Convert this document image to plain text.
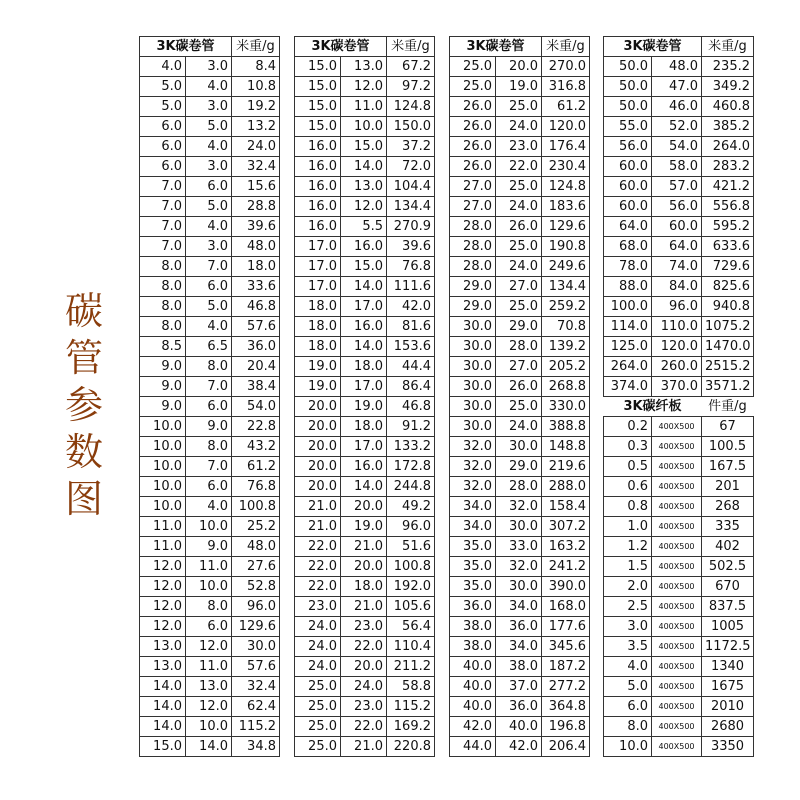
碳
管
参
数
图
3K碳卷管		米重/g
4.0	3.0	8.4
5.0	4.0	10.8
5.0	3.0	19.2
6.0	5.0	13.2
6.0	4.0	24.0
6.0	3.0	32.4
7.0	6.0	15.6
7.0	5.0	28.8
7.0	4.0	39.6
7.0	3.0	48.0
8.0	7.0	18.0
8.0	6.0	33.6
8.0	5.0	46.8
8.0	4.0	57.6
8.5	6.5	36.0
9.0	8.0	20.4
9.0	7.0	38.4
9.0	6.0	54.0
10.0	9.0	22.8
10.0	8.0	43.2
10.0	7.0	61.2
10.0	6.0	76.8
10.0	4.0	100.8
11.0	10.0	25.2
11.0	9.0	48.0
12.0	11.0	27.6
12.0	10.0	52.8
12.0	8.0	96.0
12.0	6.0	129.6
13.0	12.0	30.0
13.0	11.0	57.6
14.0	13.0	32.4
14.0	12.0	62.4
14.0	10.0	115.2
15.0	14.0	34.8
3K碳卷管		米重/g
15.0	13.0	67.2
15.0	12.0	97.2
15.0	11.0	124.8
15.0	10.0	150.0
16.0	15.0	37.2
16.0	14.0	72.0
16.0	13.0	104.4
16.0	12.0	134.4
16.0	5.5	270.9
17.0	16.0	39.6
17.0	15.0	76.8
17.0	14.0	111.6
18.0	17.0	42.0
18.0	16.0	81.6
18.0	14.0	153.6
19.0	18.0	44.4
19.0	17.0	86.4
20.0	19.0	46.8
20.0	18.0	91.2
20.0	17.0	133.2
20.0	16.0	172.8
20.0	14.0	244.8
21.0	20.0	49.2
21.0	19.0	96.0
22.0	21.0	51.6
22.0	20.0	100.8
22.0	18.0	192.0
23.0	21.0	105.6
24.0	23.0	56.4
24.0	22.0	110.4
24.0	20.0	211.2
25.0	24.0	58.8
25.0	23.0	115.2
25.0	22.0	169.2
25.0	21.0	220.8
3K碳卷管		米重/g
25.0	20.0	270.0
25.0	19.0	316.8
26.0	25.0	61.2
26.0	24.0	120.0
26.0	23.0	176.4
26.0	22.0	230.4
27.0	25.0	124.8
27.0	24.0	183.6
28.0	26.0	129.6
28.0	25.0	190.8
28.0	24.0	249.6
29.0	27.0	134.4
29.0	25.0	259.2
30.0	29.0	70.8
30.0	28.0	139.2
30.0	27.0	205.2
30.0	26.0	268.8
30.0	25.0	330.0
30.0	24.0	388.8
32.0	30.0	148.8
32.0	29.0	219.6
32.0	28.0	288.0
34.0	32.0	158.4
34.0	30.0	307.2
35.0	33.0	163.2
35.0	32.0	241.2
35.0	30.0	390.0
36.0	34.0	168.0
38.0	36.0	177.6
38.0	34.0	345.6
40.0	38.0	187.2
40.0	37.0	277.2
40.0	36.0	364.8
42.0	40.0	196.8
44.0	42.0	206.4
3K碳卷管		米重/g
50.0	48.0	235.2
50.0	47.0	349.2
50.0	46.0	460.8
55.0	52.0	385.2
56.0	54.0	264.0
60.0	58.0	283.2
60.0	57.0	421.2
60.0	56.0	556.8
64.0	60.0	595.2
68.0	64.0	633.6
78.0	74.0	729.6
88.0	84.0	825.6
100.0	96.0	940.8
114.0	110.0	1075.2
125.0	120.0	1470.0
264.0	260.0	2515.2
374.0	370.0	3571.2
3K碳纤板		件重/g
0.2	400X500	67
0.3	400X500	100.5
0.5	400X500	167.5
0.6	400X500	201
0.8	400X500	268
1.0	400X500	335
1.2	400X500	402
1.5	400X500	502.5
2.0	400X500	670
2.5	400X500	837.5
3.0	400X500	1005
3.5	400X500	1172.5
4.0	400X500	1340
5.0	400X500	1675
6.0	400X500	2010
8.0	400X500	2680
10.0	400X500	3350
